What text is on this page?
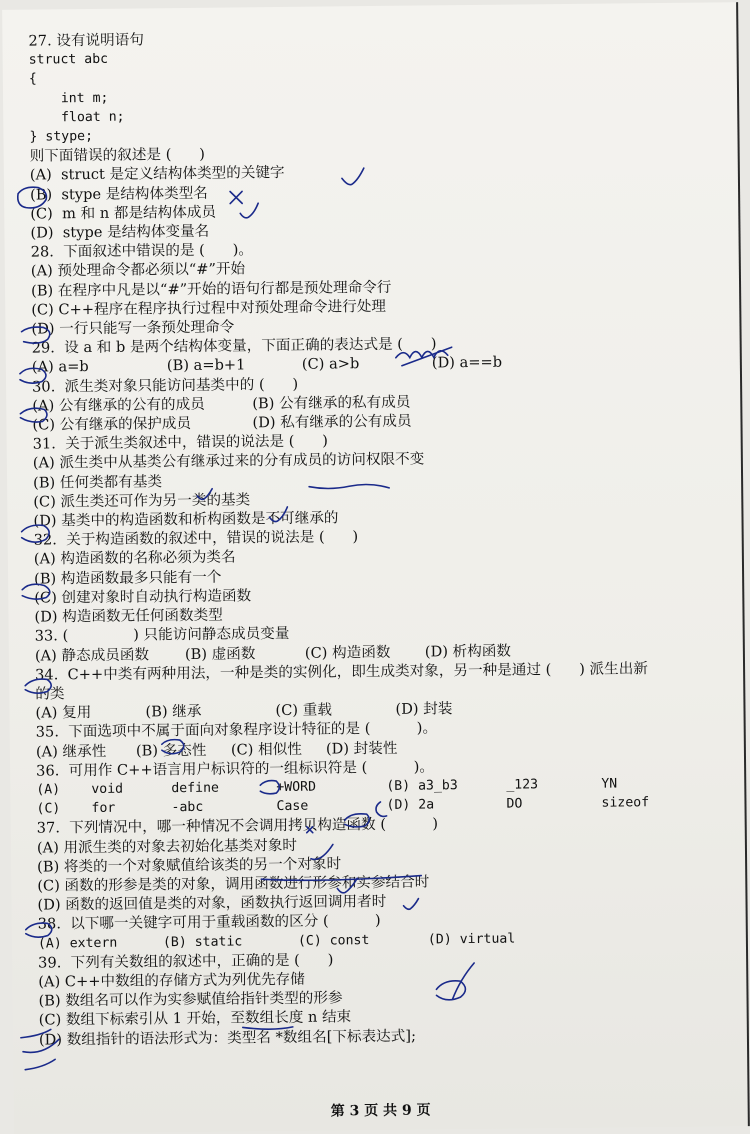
27. 设有说明语句
struct abc
{
int m;
float n;
} stype;
则下面错误的叙述是 (      )
(A)  struct 是定义结构体类型的关键字
(B)  stype 是结构体类型名
(C)  m 和 n 都是结构体成员
(D)  stype 是结构体变量名
28.  下面叙述中错误的是 (      )。
(A) 预处理命令都必须以“#”开始
(B) 在程序中凡是以“#”开始的语句行都是预处理命令行
(C) C++程序在程序执行过程中对预处理命令进行处理
(D) 一行只能写一条预处理命令
29.  设 a 和 b 是两个结构体变量，下面正确的表达式是 (      )
(A) a=b	(B) a=b+1	(C) a>b	(D) a==b
30.  派生类对象只能访问基类中的 (      )
(A) 公有继承的公有的成员	(B) 公有继承的私有成员
(C) 公有继承的保护成员	(D) 私有继承的公有成员
31.  关于派生类叙述中，错误的说法是 (      )
(A) 派生类中从基类公有继承过来的分有成员的访问权限不变
(B) 任何类都有基类
(C) 派生类还可作为另一类的基类
(D) 基类中的构造函数和析构函数是不可继承的
32.  关于构造函数的叙述中，错误的说法是 (      )
(A) 构造函数的名称必须为类名
(B) 构造函数最多只能有一个
(C) 创建对象时自动执行构造函数
(D) 构造函数无任何函数类型
33. (              ) 只能访问静态成员变量
(A) 静态成员函数	(B) 虚函数	(C) 构造函数	(D) 析构函数
34.  C++中类有两种用法，一种是类的实例化，即生成类对象，另一种是通过 (      ) 派生出新
的类
(A) 复用	(B) 继承	(C) 重载	(D) 封装
35.  下面选项中不属于面向对象程序设计特征的是 (          )。
(A) 继承性	(B) 多态性	(C) 相似性	(D) 封装性
36.  可用作 C++语言用户标识符的一组标识符是 (          )。
(A)	void	define	+WORD	(B) a3_b3	_123	YN
(C)	for	-abc	Case	(D) 2a	DO	sizeof
37.  下列情况中，哪一种情况不会调用拷贝构造函数 (          )
(A) 用派生类的对象去初始化基类对象时
(B) 将类的一个对象赋值给该类的另一个对象时
(C) 函数的形参是类的对象，调用函数进行形参和实参结合时
(D) 函数的返回值是类的对象，函数执行返回调用者时
38.  以下哪一关键字可用于重载函数的区分 (          )
(A) extern	(B) static	(C) const	(D) virtual
39.  下列有关数组的叙述中，正确的是 (      )
(A) C++中数组的存储方式为列优先存储
(B) 数组名可以作为实参赋值给指针类型的形参
(C) 数组下标索引从 1 开始，至数组长度 n 结束
(D) 数组指针的语法形式为：类型名 *数组名[下标表达式];
第 3 页 共 9 页
